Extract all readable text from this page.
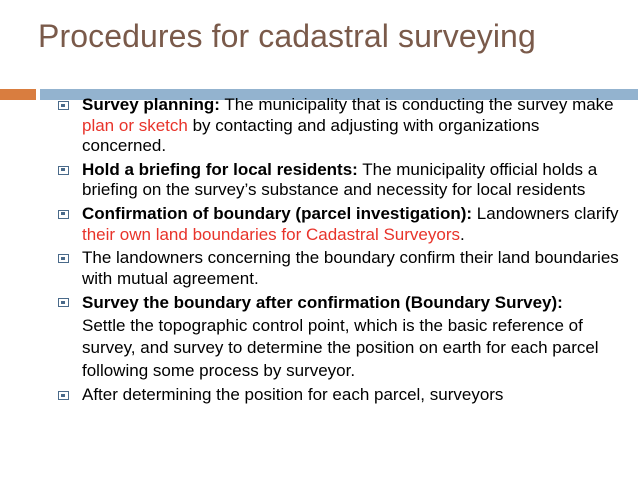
Procedures for cadastral surveying
Survey planning: The municipality that is conducting the survey make plan or sketch by contacting and adjusting with organizations concerned.
Hold a briefing for local residents: The municipality official holds a briefing on the survey’s substance and necessity for local residents
Confirmation of boundary (parcel investigation): Landowners clarify their own land boundaries for Cadastral Surveyors.
The landowners concerning the boundary confirm their land boundaries with mutual agreement.
Survey the boundary after confirmation (Boundary Survey):      Settle the topographic control point, which is the basic reference of survey, and survey to determine the position on earth for each parcel following some process by surveyor.
After determining the position for each parcel, surveyors
